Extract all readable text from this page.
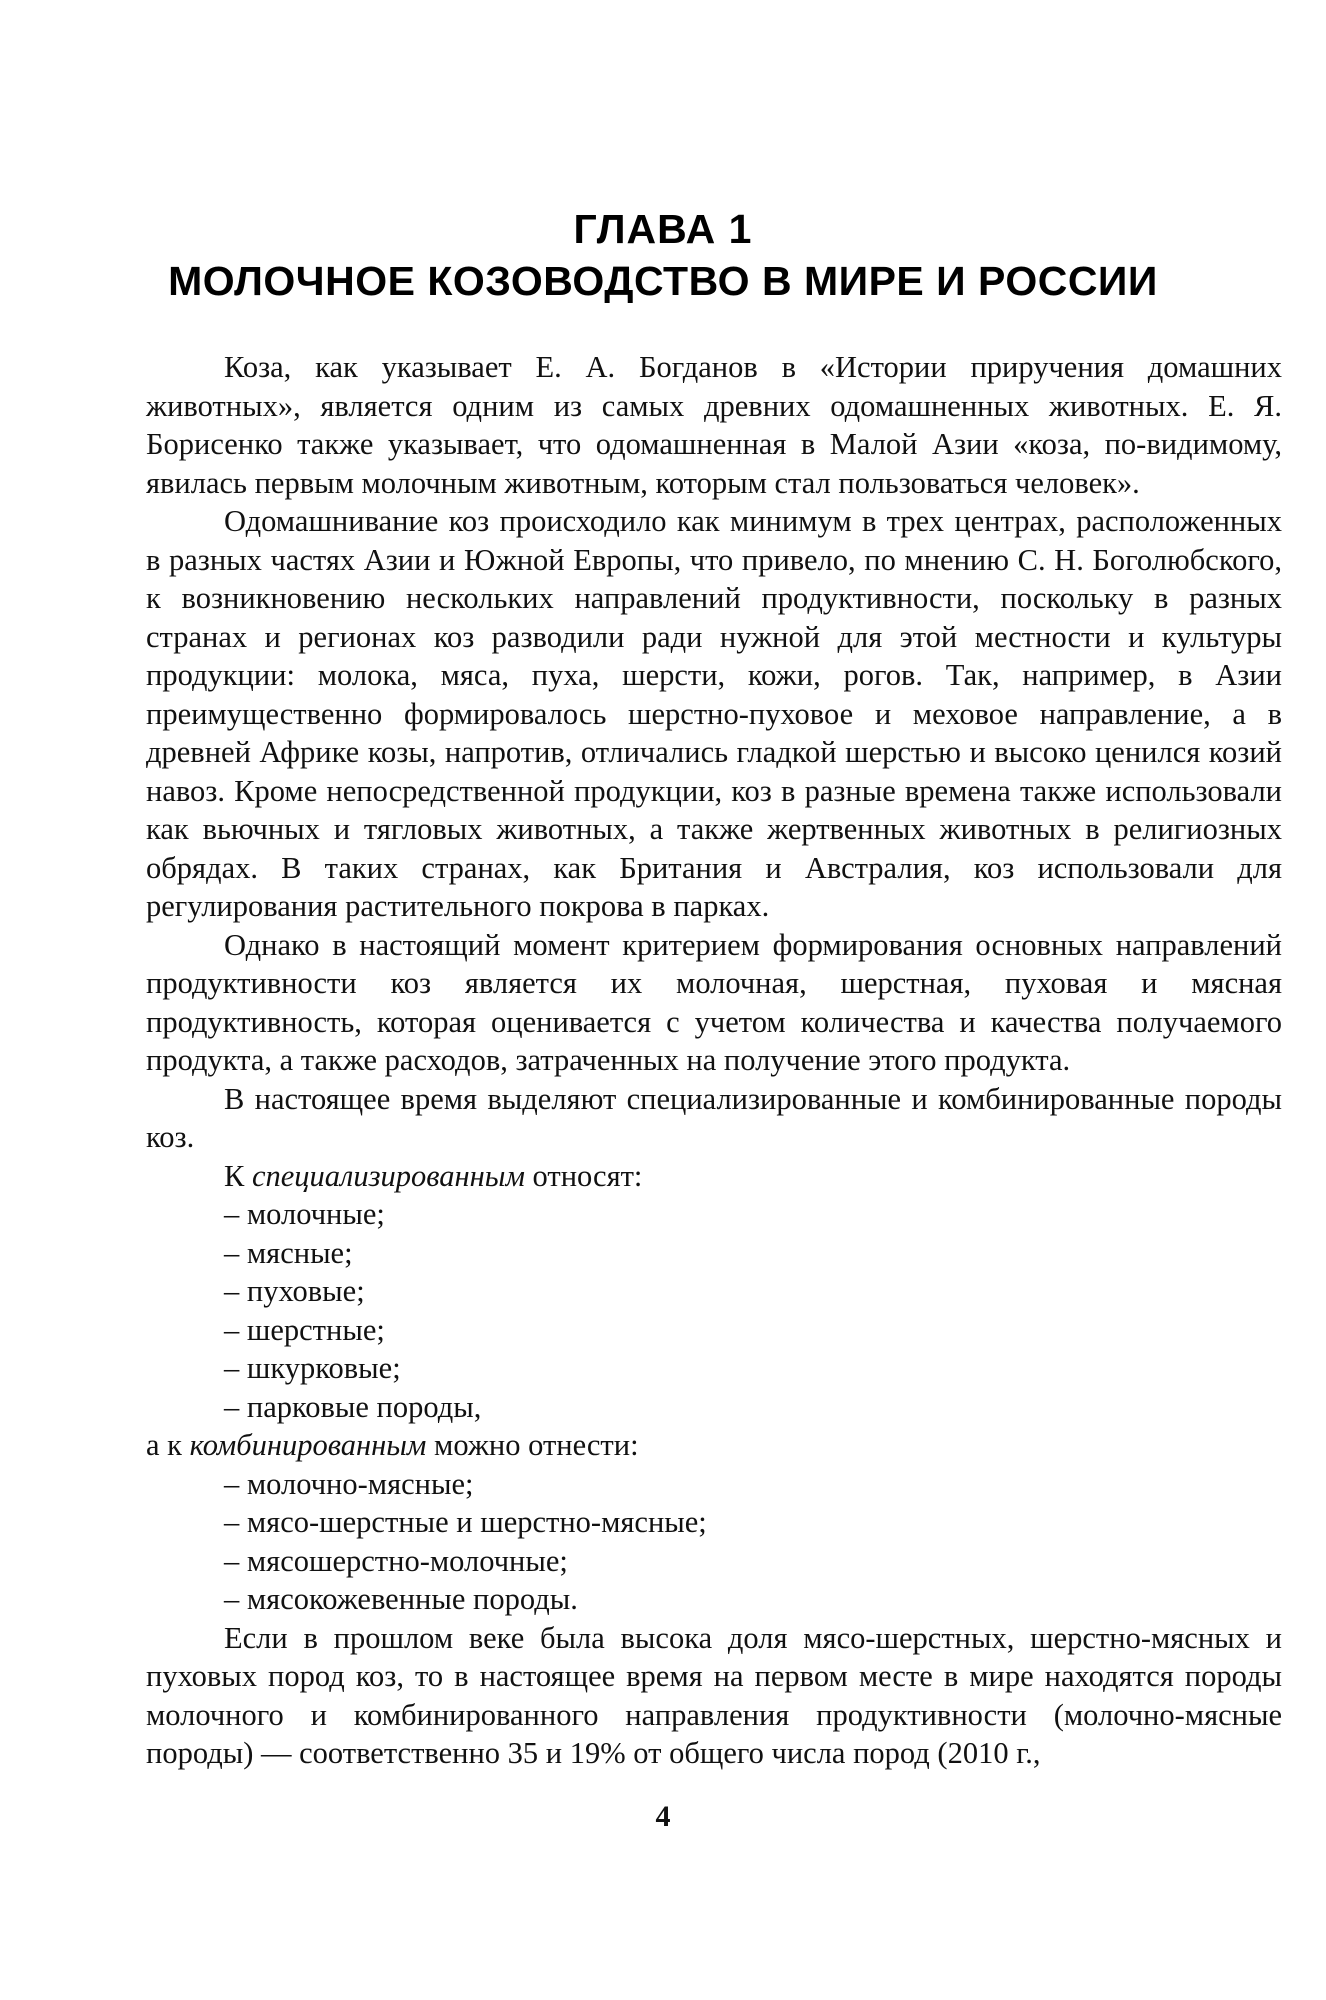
ГЛАВА 1
МОЛОЧНОЕ КОЗОВОДСТВО В МИРЕ И РОССИИ

Коза, как указывает Е. А. Богданов в «Истории приручения домашних животных», является одним из самых древних одомашненных животных. Е. Я. Борисенко также указывает, что одомашненная в Малой Азии «коза, по-видимому, явилась первым молочным животным, которым стал пользоваться человек».

Одомашнивание коз происходило как минимум в трех центрах, расположенных в разных частях Азии и Южной Европы, что привело, по мнению С. Н. Боголюбского, к возникновению нескольких направлений продуктивности, поскольку в разных странах и регионах коз разводили ради нужной для этой местности и культуры продукции: молока, мяса, пуха, шерсти, кожи, рогов. Так, например, в Азии преимущественно формировалось шерстно-пуховое и меховое направление, а в древней Африке козы, напротив, отличались гладкой шерстью и высоко ценился козий навоз. Кроме непосредственной продукции, коз в разные времена также использовали как вьючных и тягловых животных, а также жертвенных животных в религиозных обрядах. В таких странах, как Британия и Австралия, коз использовали для регулирования растительного покрова в парках.

Однако в настоящий момент критерием формирования основных направлений продуктивности коз является их молочная, шерстная, пуховая и мясная продуктивность, которая оценивается с учетом количества и качества получаемого продукта, а также расходов, затраченных на получение этого продукта.

В настоящее время выделяют специализированные и комбинированные породы коз.

К специализированным относят:

– молочные;
– мясные;
– пуховые;
– шерстные;
– шкурковые;
– парковые породы,

а к комбинированным можно отнести:

– молочно-мясные;
– мясо-шерстные и шерстно-мясные;
– мясошерстно-молочные;
– мясокожевенные породы.

Если в прошлом веке была высока доля мясо-шерстных, шерстно-мясных и пуховых пород коз, то в настоящее время на первом месте в мире находятся породы молочного и комбинированного направления продуктивности (молочно-мясные породы) — соответственно 35 и 19% от общего числа пород (2010 г.,

4
